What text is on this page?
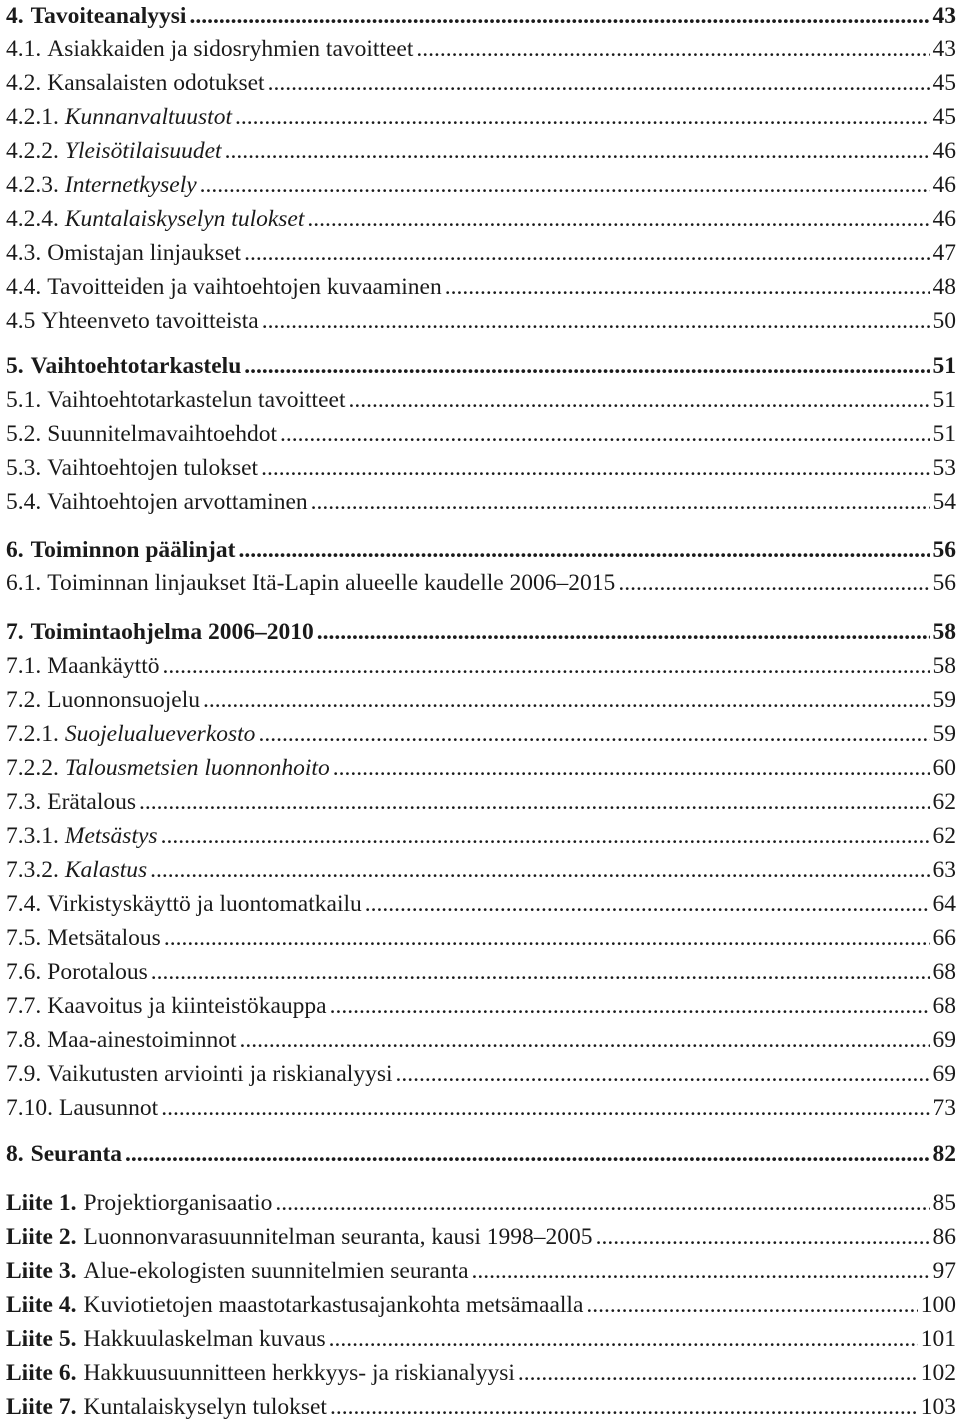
4. Tavoiteanalyysi .....	43
4.1. Asiakkaiden ja sidosryhmien tavoitteet .....	43
4.2. Kansalaisten odotukset .....	45
4.2.1. Kunnanvaltuustot .....	45
4.2.2. Yleisötilaisuudet .....	46
4.2.3. Internetkysely .....	46
4.2.4. Kuntalaiskyselyn tulokset .....	46
4.3. Omistajan linjaukset .....	47
4.4. Tavoitteiden ja vaihtoehtojen kuvaaminen .....	48
4.5 Yhteenveto tavoitteista .....	50
5. Vaihtoehtotarkastelu .....	51
5.1. Vaihtoehtotarkastelun tavoitteet .....	51
5.2. Suunnitelmavaihtoehdot .....	51
5.3. Vaihtoehtojen tulokset .....	53
5.4. Vaihtoehtojen arvottaminen .....	54
6. Toiminnon päälinjat .....	56
6.1. Toiminnan linjaukset Itä-Lapin alueelle kaudelle 2006–2015 .....	56
7. Toimintaohjelma 2006–2010 .....	58
7.1. Maankäyttö .....	58
7.2. Luonnonsuojelu .....	59
7.2.1. Suojelualueverkosto .....	59
7.2.2. Talousmetsien luonnonhoito .....	60
7.3. Erätalous .....	62
7.3.1. Metsästys .....	62
7.3.2. Kalastus .....	63
7.4. Virkistyskäyttö ja luontomatkailu .....	64
7.5. Metsätalous .....	66
7.6. Porotalous .....	68
7.7. Kaavoitus ja kiinteistökauppa .....	68
7.8. Maa-ainestoiminnot .....	69
7.9. Vaikutusten arviointi ja riskianalyysi .....	69
7.10. Lausunnot .....	73
8. Seuranta .....	82
Liite 1. Projektiorganisaatio .....	85
Liite 2. Luonnonvarasuunnitelman seuranta, kausi 1998–2005 .....	86
Liite 3. Alue-ekologisten suunnitelmien seuranta .....	97
Liite 4. Kuviotietojen maastotarkastusajankohta metsämaalla .....	100
Liite 5. Hakkuulaskelman kuvaus .....	101
Liite 6. Hakkuusuunnitteen herkkyys- ja riskianalyysi .....	102
Liite 7. Kuntalaiskyselyn tulokset .....	103
